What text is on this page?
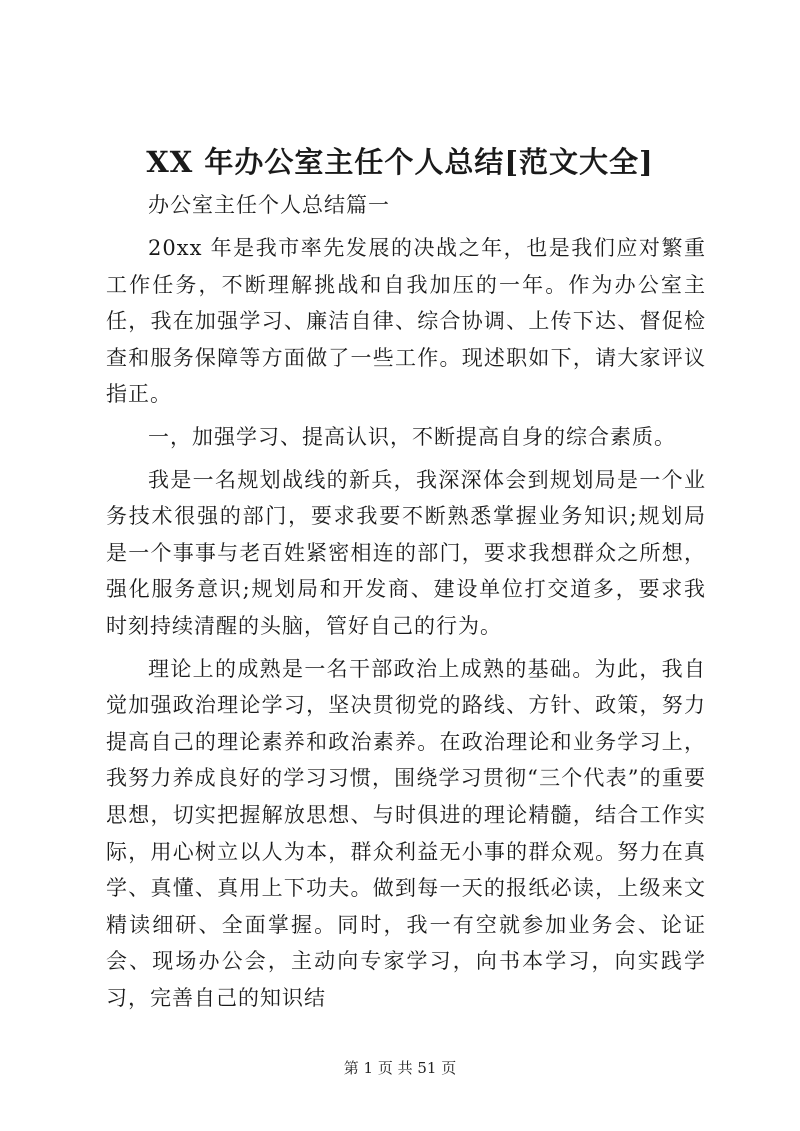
XX 年办公室主任个人总结[范文大全]

办公室主任个人总结篇一

20xx 年是我市率先发展的决战之年，也是我们应对繁重工作任务，不断理解挑战和自我加压的一年。作为办公室主任，我在加强学习、廉洁自律、综合协调、上传下达、督促检查和服务保障等方面做了一些工作。现述职如下，请大家评议指正。

一，加强学习、提高认识，不断提高自身的综合素质。

我是一名规划战线的新兵，我深深体会到规划局是一个业务技术很强的部门，要求我要不断熟悉掌握业务知识;规划局是一个事事与老百姓紧密相连的部门，要求我想群众之所想，强化服务意识;规划局和开发商、建设单位打交道多，要求我时刻持续清醒的头脑，管好自己的行为。

理论上的成熟是一名干部政治上成熟的基础。为此，我自觉加强政治理论学习，坚决贯彻党的路线、方针、政策，努力提高自己的理论素养和政治素养。在政治理论和业务学习上，我努力养成良好的学习习惯，围绕学习贯彻“三个代表”的重要思想，切实把握解放思想、与时俱进的理论精髓，结合工作实际，用心树立以人为本，群众利益无小事的群众观。努力在真学、真懂、真用上下功夫。做到每一天的报纸必读，上级来文精读细研、全面掌握。同时，我一有空就参加业务会、论证会、现场办公会，主动向专家学习，向书本学习，向实践学习，完善自己的知识结

第 1 页 共 51 页
